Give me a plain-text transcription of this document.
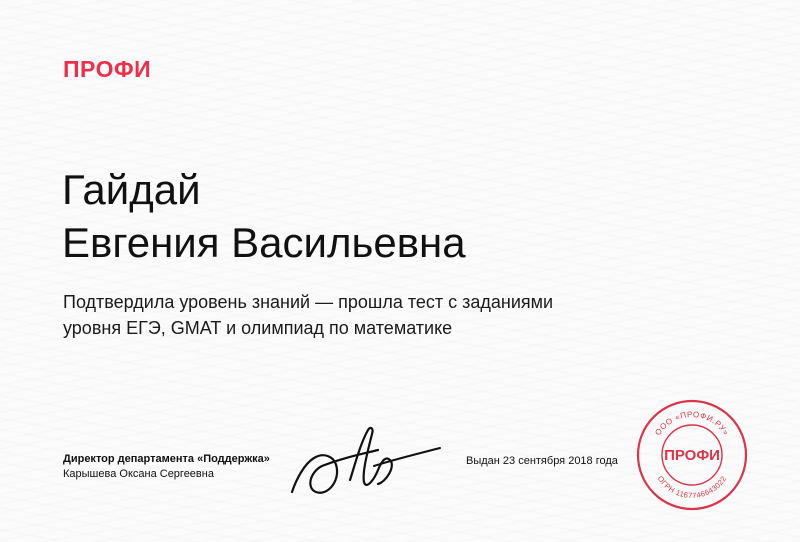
ПРОФИ
Гайдай
Евгения Васильевна
Подтвердила уровень знаний — прошла тест с заданиями
уровня ЕГЭ, GMAT и олимпиад по математике
Директор департамента «Поддержка»
Карышева Оксана Сергеевна
Выдан 23 сентября 2018 года
ООО «ПРОФИ.РУ»
ОГРН 1167746643022
ПРОФИ
